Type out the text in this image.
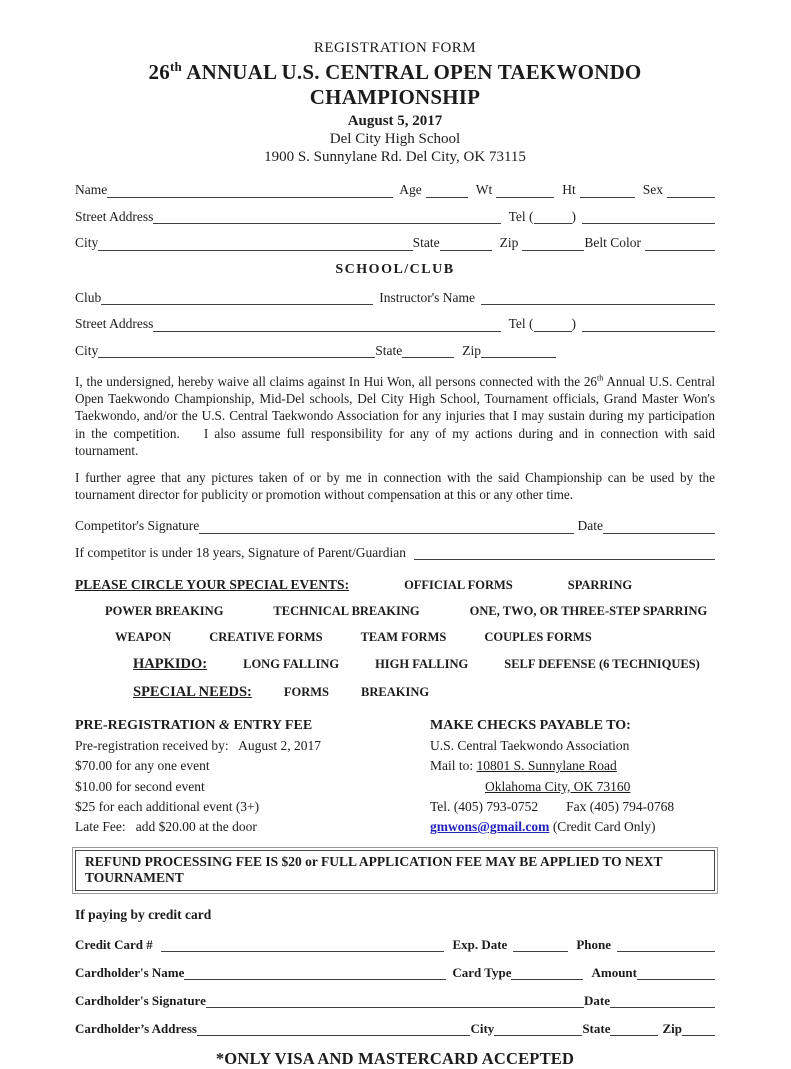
REGISTRATION FORM
26th ANNUAL U.S. CENTRAL OPEN TAEKWONDO CHAMPIONSHIP
August 5, 2017
Del City High School
1900 S. Sunnylane Rd. Del City, OK 73115
Name	Age	Wt	Ht	Sex
Street Address	Tel (	)
City	State	Zip	Belt Color
SCHOOL/CLUB
Club	Instructor's Name
Street Address	Tel (	)
City	State	Zip
I, the undersigned, hereby waive all claims against In Hui Won, all persons connected with the 26th Annual U.S. Central Open Taekwondo Championship, Mid-Del schools, Del City High School, Tournament officials, Grand Master Won's Taekwondo, and/or the U.S. Central Taekwondo Association for any injuries that I may sustain during my participation in the competition.    I also assume full responsibility for any of my actions during and in connection with said tournament.
I further agree that any pictures taken of or by me in connection with the said Championship can be used by the tournament director for publicity or promotion without compensation at this or any other time.
Competitor's Signature	Date
If competitor is under 18 years, Signature of Parent/Guardian
PLEASE CIRCLE YOUR SPECIAL EVENTS:	OFFICIAL FORMS	SPARRING
POWER BREAKING	TECHNICAL BREAKING	ONE, TWO, OR THREE-STEP SPARRING
WEAPON	CREATIVE FORMS	TEAM FORMS	COUPLES FORMS
HAPKIDO:	LONG FALLING	HIGH FALLING	SELF DEFENSE (6 TECHNIQUES)
SPECIAL NEEDS:	FORMS	BREAKING
PRE-REGISTRATION & ENTRY FEE
Pre-registration received by:   August 2, 2017
$70.00 for any one event
$10.00 for second event
$25 for each additional event (3+)
Late Fee:   add $20.00 at the door
MAKE CHECKS PAYABLE TO:
U.S. Central Taekwondo Association
Mail to: 10801 S. Sunnylane Road
Oklahoma City, OK 73160
Tel. (405) 793-0752 Fax (405) 794-0768
gmwons@gmail.com (Credit Card Only)
REFUND PROCESSING FEE IS $20 or FULL APPLICATION FEE MAY BE APPLIED TO NEXT TOURNAMENT
If paying by credit card
Credit Card #	Exp. Date	Phone
Cardholder's Name	Card Type	Amount
Cardholder's Signature	Date
Cardholder’s Address	City	State	Zip
*ONLY VISA AND MASTERCARD ACCEPTED
